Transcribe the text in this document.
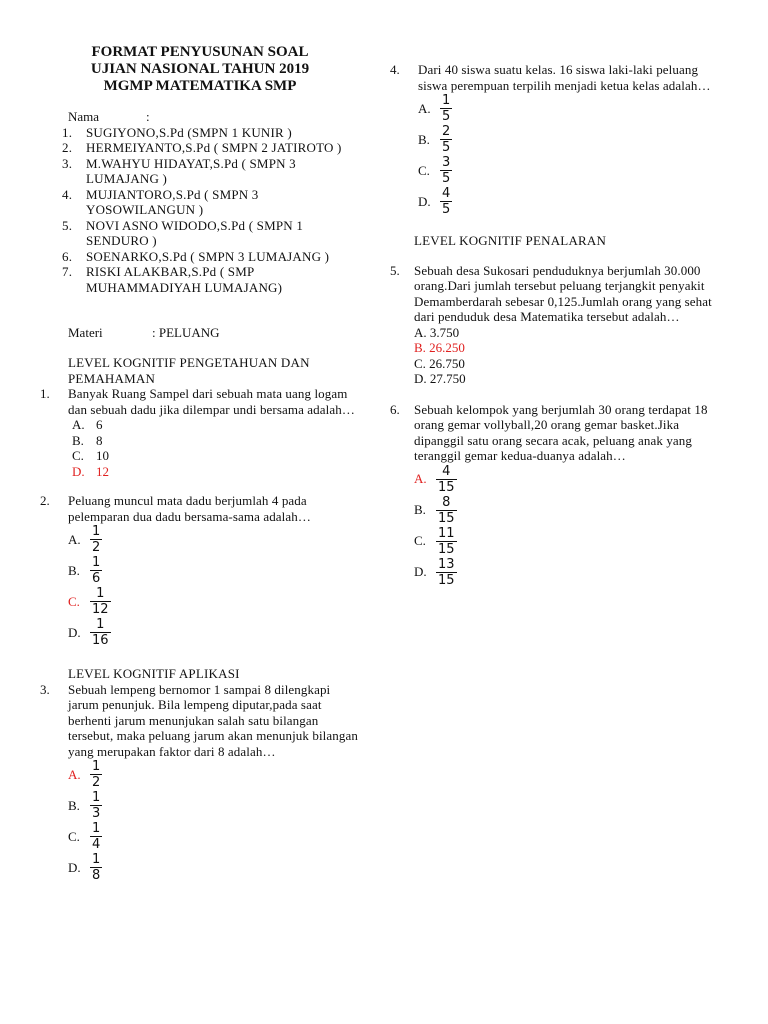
FORMAT PENYUSUNAN SOAL
UJIAN NASIONAL TAHUN 2019
MGMP MATEMATIKA SMP
Nama	:
1. SUGIYONO,S.Pd (SMPN 1 KUNIR )
2. HERMEIYANTO,S.Pd ( SMPN 2 JATIROTO )
3. M.WAHYU HIDAYAT,S.Pd ( SMPN 3 LUMAJANG )
4. MUJIANTORO,S.Pd ( SMPN 3 YOSOWILANGUN )
5. NOVI ASNO WIDODO,S.Pd ( SMPN 1 SENDURO )
6. SOENARKO,S.Pd ( SMPN 3 LUMAJANG )
7. RISKI ALAKBAR,S.Pd ( SMP MUHAMMADIYAH LUMAJANG)
Materi	: PELUANG
LEVEL KOGNITIF PENGETAHUAN DAN PEMAHAMAN
1.	Banyak Ruang Sampel dari sebuah mata uang logam dan sebuah dadu jika dilempar undi bersama adalah…
A. 6
B. 8
C. 10
D. 12
2.	Peluang muncul mata dadu berjumlah 4 pada pelemparan dua dadu bersama-sama adalah…
A. $\frac{1}{2}$
B. $\frac{1}{6}$
C. $\frac{1}{12}$
D. $\frac{1}{16}$
LEVEL KOGNITIF APLIKASI
3.	Sebuah lempeng bernomor 1 sampai 8 dilengkapi jarum penunjuk. Bila lempeng diputar,pada saat berhenti jarum menunjukan salah satu bilangan tersebut, maka peluang jarum akan menunjuk bilangan yang merupakan faktor dari 8 adalah…
A. $\frac{1}{2}$
B. $\frac{1}{3}$
C. $\frac{1}{4}$
D. $\frac{1}{8}$
4.	Dari 40 siswa suatu kelas. 16 siswa laki-laki peluang siswa perempuan terpilih menjadi ketua kelas adalah…
A. $\frac{1}{5}$
B. $\frac{2}{5}$
C. $\frac{3}{5}$
D. $\frac{4}{5}$
LEVEL KOGNITIF PENALARAN
5.	Sebuah desa Sukosari penduduknya berjumlah 30.000 orang.Dari jumlah tersebut peluang terjangkit penyakit Demamberdarah sebesar 0,125.Jumlah orang yang sehat dari penduduk desa Matematika tersebut adalah…
A. 3.750
B. 26.250
C. 26.750
D. 27.750
6.	Sebuah kelompok yang berjumlah 30 orang terdapat 18 orang gemar vollyball,20 orang gemar basket.Jika dipanggil satu orang secara acak, peluang anak yang teranggil gemar kedua-duanya adalah…
A. $\frac{4}{15}$
B. $\frac{8}{15}$
C. $\frac{11}{15}$
D. $\frac{13}{15}$
